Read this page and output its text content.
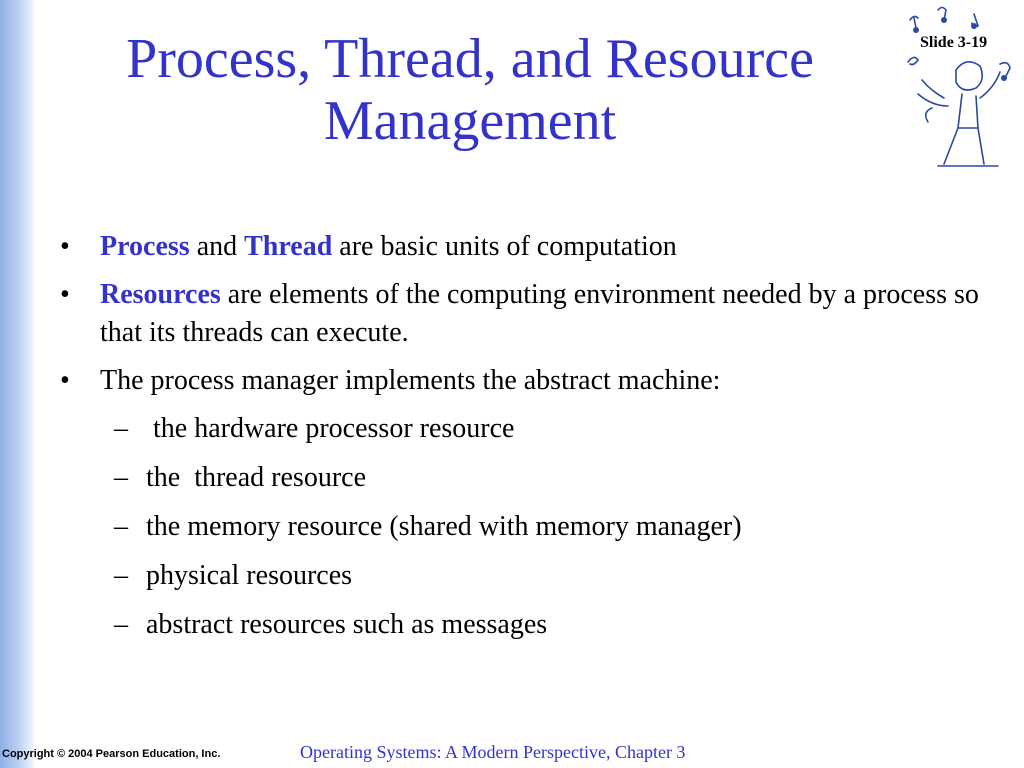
Process, Thread, and Resource Management
Slide 3-19
• Process and Thread are basic units of computation
• Resources are elements of the computing environment needed by a process so that its threads can execute.
• The process manager implements the abstract machine:
– the hardware processor resource
– the  thread resource
– the memory resource (shared with memory manager)
– physical resources
– abstract resources such as messages
Copyright © 2004 Pearson Education, Inc.	Operating Systems: A Modern Perspective, Chapter 3
